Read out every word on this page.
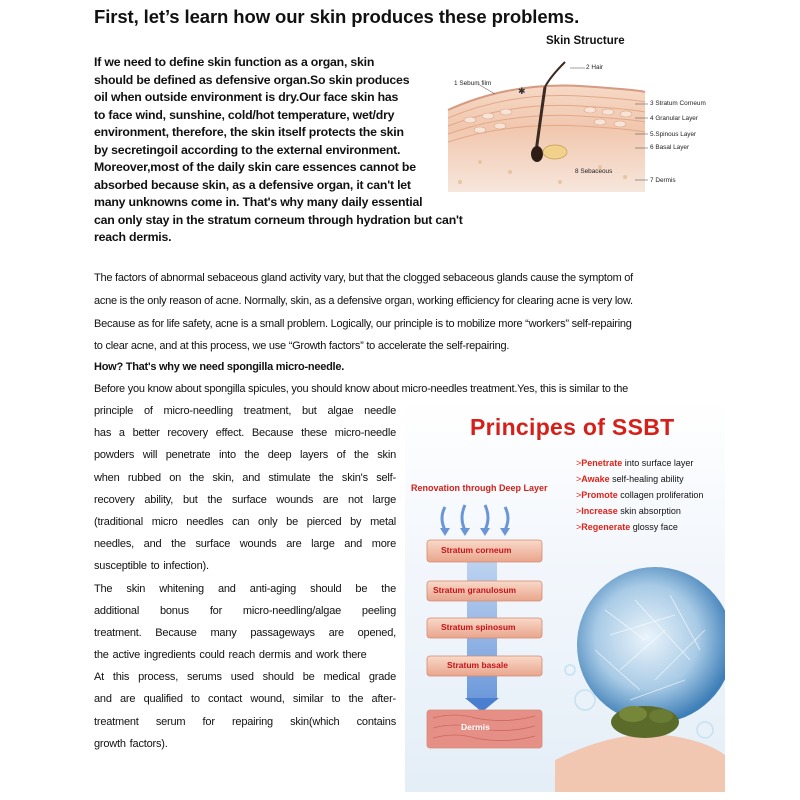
First, let’s learn how our skin produces these problems.
If we need to define skin function as a organ, skin
should be defined as defensive organ.So skin produces
oil when outside environment is dry.Our face skin has
to face wind, sunshine, cold/hot temperature, wet/dry
environment, therefore, the skin itself protects the skin
by secretingoil according to the external environment.
Moreover,most of the daily skin care essences cannot be
absorbed because skin, as a defensive organ, it can't let
many unknowns come in. That's why many daily essential
can only stay in the stratum corneum through hydration but can't
reach dermis.
Skin Structure
✱
2 Hair
1 Sebum film
3 Stratum Corneum
4 Granular Layer
5.Spinous Layer
6 Basal Layer
8 Sebaceous
7 Dermis
The factors of abnormal sebaceous gland activity vary, but that the clogged sebaceous glands cause the symptom of
acne is the only reason of acne. Normally, skin, as a defensive organ, working efficiency for clearing acne is very low.
Because as for life safety, acne is a small problem. Logically, our principle is to mobilize more “workers” self-repairing
to clear acne, and at this process, we use “Growth factors” to accelerate the self-repairing.
How? That's why we need spongilla micro-needle.
Before you know about spongilla spicules, you should know about micro-needles treatment.Yes, this is similar to the
principle of micro-needling treatment, but algae needle
has a better recovery effect. Because these micro-needle
powders will penetrate into the deep layers of the skin
when rubbed on the skin, and stimulate the skin's self-
recovery ability, but the surface wounds are not large
(traditional micro needles can only be pierced by metal
needles, and the surface wounds are large and more
susceptible to infection).
The skin whitening and anti-aging should be the
additional bonus for micro-needling/algae peeling
treatment. Because many passageways are opened,
the active ingredients could reach dermis and work there
At this process, serums used should be medical grade
and are qualified to contact wound, similar to the after-
treatment serum for repairing skin(which contains
growth factors).
Principes of SSBT
Renovation through Deep Layer
>Penetrate into surface layer
>Awake self-healing ability
>Promote collagen proliferation
>Increase skin absorption
>Regenerate glossy face
Stratum corneum
Stratum granulosum
Stratum spinosum
Stratum basale
Dermis
